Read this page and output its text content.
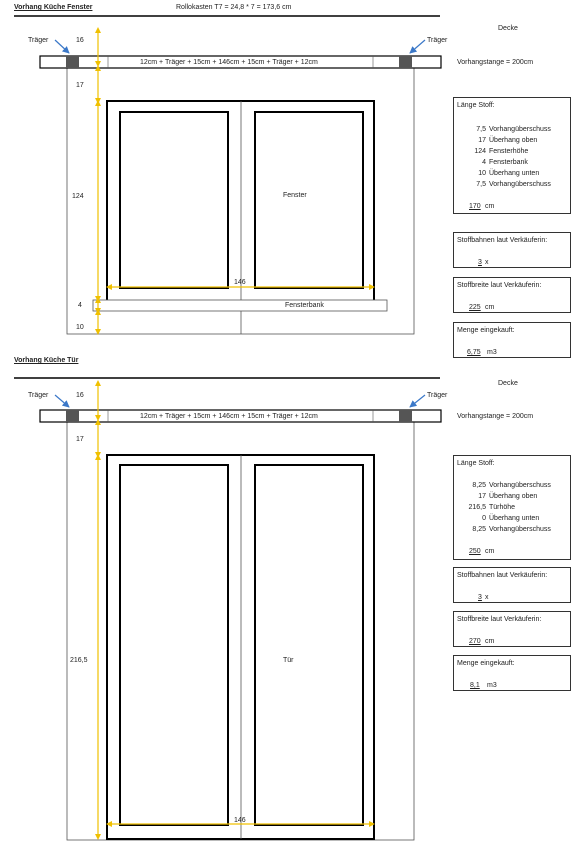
Vorhang Küche Fenster	Rollokasten T7 = 24,8 * 7 = 173,6 cm
Decke
Träger	Träger
16
12cm + Träger + 15cm + 146cm + 15cm + Träger + 12cm	Vorhangstange = 200cm
17
124
4
10
146
Fenster
Fensterbank
Länge Stoff:
7,5 Vorhangüberschuss
17 Überhang oben
124 Fensterhöhe
4 Fensterbank
10 Überhang unten
7,5 Vorhangüberschuss
170 cm
Stoffbahnen laut Verkäuferin:
3 x
Stoffbreite laut Verkäuferin:
225 cm
Menge eingekauft:
6,75 m3
Vorhang Küche Tür
Decke
Träger	Träger
16
12cm + Träger + 15cm + 146cm + 15cm + Träger + 12cm	Vorhangstange = 200cm
17
216,5
146
Tür
Länge Stoff:
8,25 Vorhangüberschuss
17 Überhang oben
216,5 Türhöhe
0 Überhang unten
8,25 Vorhangüberschuss
250 cm
Stoffbahnen laut Verkäuferin:
3 x
Stoffbreite laut Verkäuferin:
270 cm
Menge eingekauft:
8,1 m3
